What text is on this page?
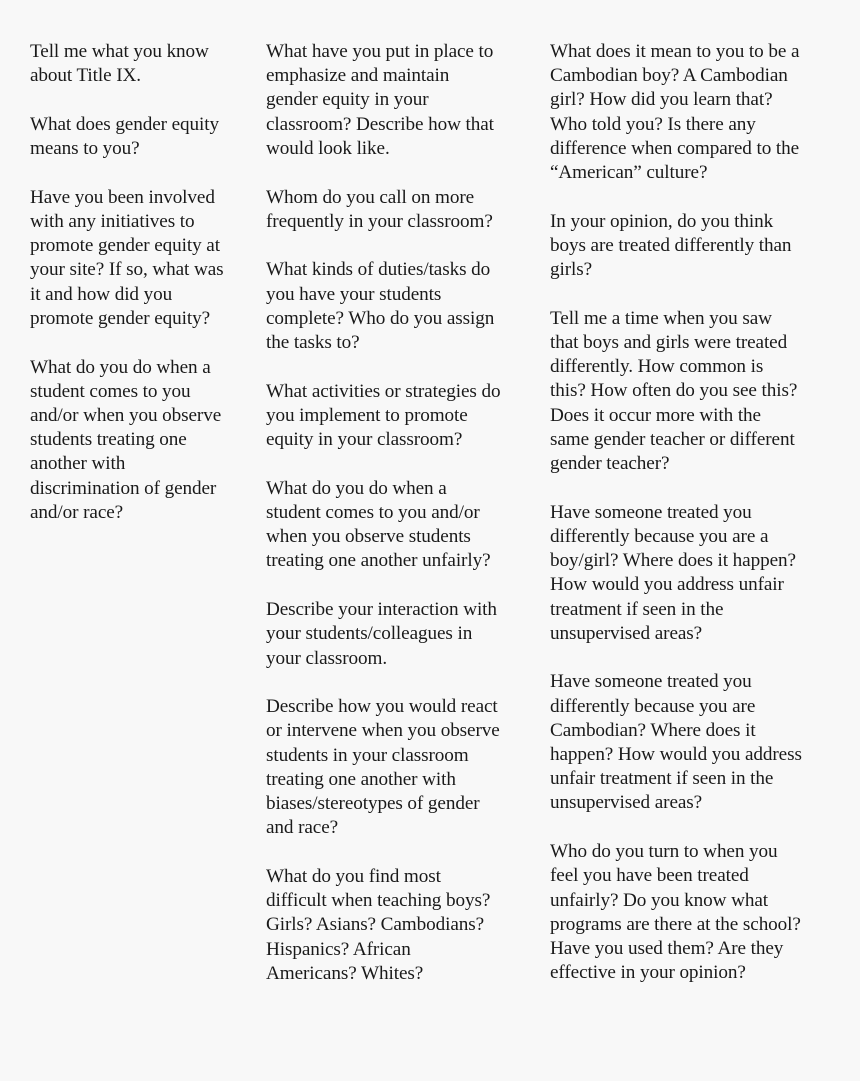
Tell me what you know
about Title IX.

What does gender equity
means to you?

Have you been involved
with any initiatives to
promote gender equity at
your site? If so, what was
it and how did you
promote gender equity?

What do you do when a
student comes to you
and/or when you observe
students treating one
another with
discrimination of gender
and/or race?

What have you put in place to
emphasize and maintain
gender equity in your
classroom? Describe how that
would look like.

Whom do you call on more
frequently in your classroom?

What kinds of duties/tasks do
you have your students
complete? Who do you assign
the tasks to?

What activities or strategies do
you implement to promote
equity in your classroom?

What do you do when a
student comes to you and/or
when you observe students
treating one another unfairly?

Describe your interaction with
your students/colleagues in
your classroom.

Describe how you would react
or intervene when you observe
students in your classroom
treating one another with
biases/stereotypes of gender
and race?

What do you find most
difficult when teaching boys?
Girls? Asians? Cambodians?
Hispanics? African
Americans? Whites?

What does it mean to you to be a
Cambodian boy? A Cambodian
girl? How did you learn that?
Who told you? Is there any
difference when compared to the
“American” culture?

In your opinion, do you think
boys are treated differently than
girls?

Tell me a time when you saw
that boys and girls were treated
differently. How common is
this? How often do you see this?
Does it occur more with the
same gender teacher or different
gender teacher?

Have someone treated you
differently because you are a
boy/girl? Where does it happen?
How would you address unfair
treatment if seen in the
unsupervised areas?

Have someone treated you
differently because you are
Cambodian? Where does it
happen? How would you address
unfair treatment if seen in the
unsupervised areas?

Who do you turn to when you
feel you have been treated
unfairly? Do you know what
programs are there at the school?
Have you used them? Are they
effective in your opinion?
